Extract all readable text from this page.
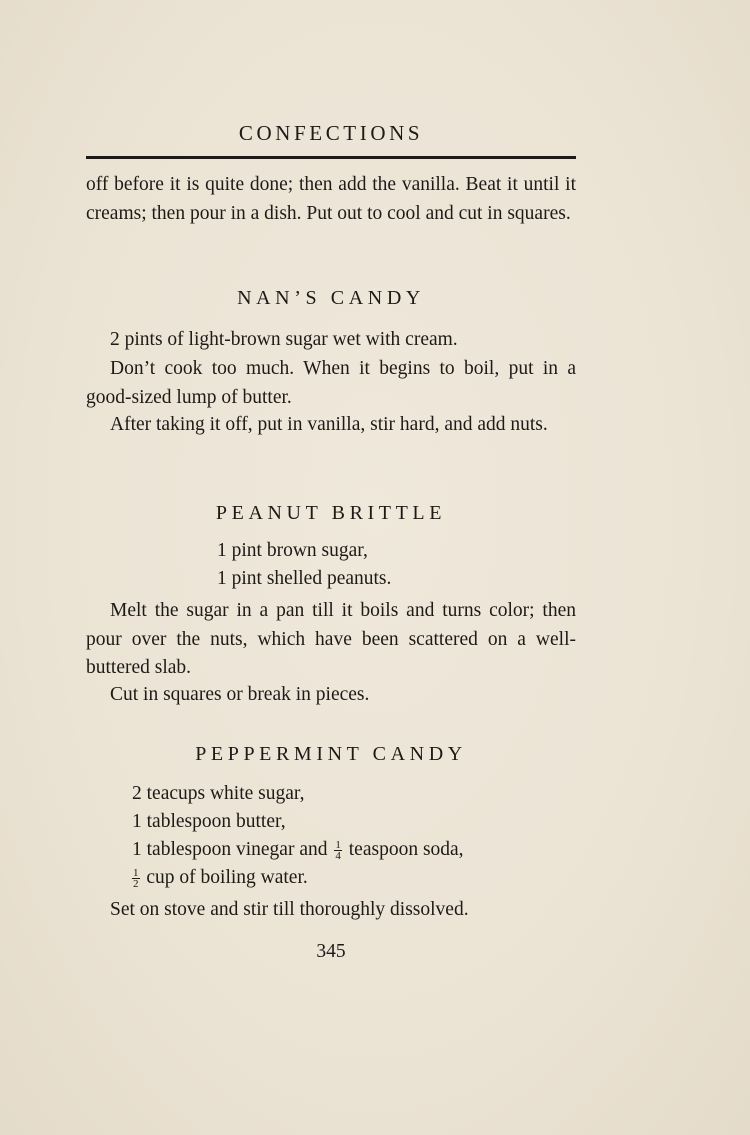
CONFECTIONS

off before it is quite done; then add the vanilla. Beat it until it creams; then pour in a dish. Put out to cool and cut in squares.

NAN’S CANDY

2 pints of light-brown sugar wet with cream.

Don’t cook too much. When it begins to boil, put in a good-sized lump of butter.

After taking it off, put in vanilla, stir hard, and add nuts.

PEANUT BRITTLE

1 pint brown sugar,

1 pint shelled peanuts.

Melt the sugar in a pan till it boils and turns color; then pour over the nuts, which have been scattered on a well-buttered slab.

Cut in squares or break in pieces.

PEPPERMINT CANDY

2 teacups white sugar,

1 tablespoon butter,

1 tablespoon vinegar and $\frac{1}{4}$ teaspoon soda,

$\frac{1}{2}$ cup of boiling water.

Set on stove and stir till thoroughly dissolved.

345
